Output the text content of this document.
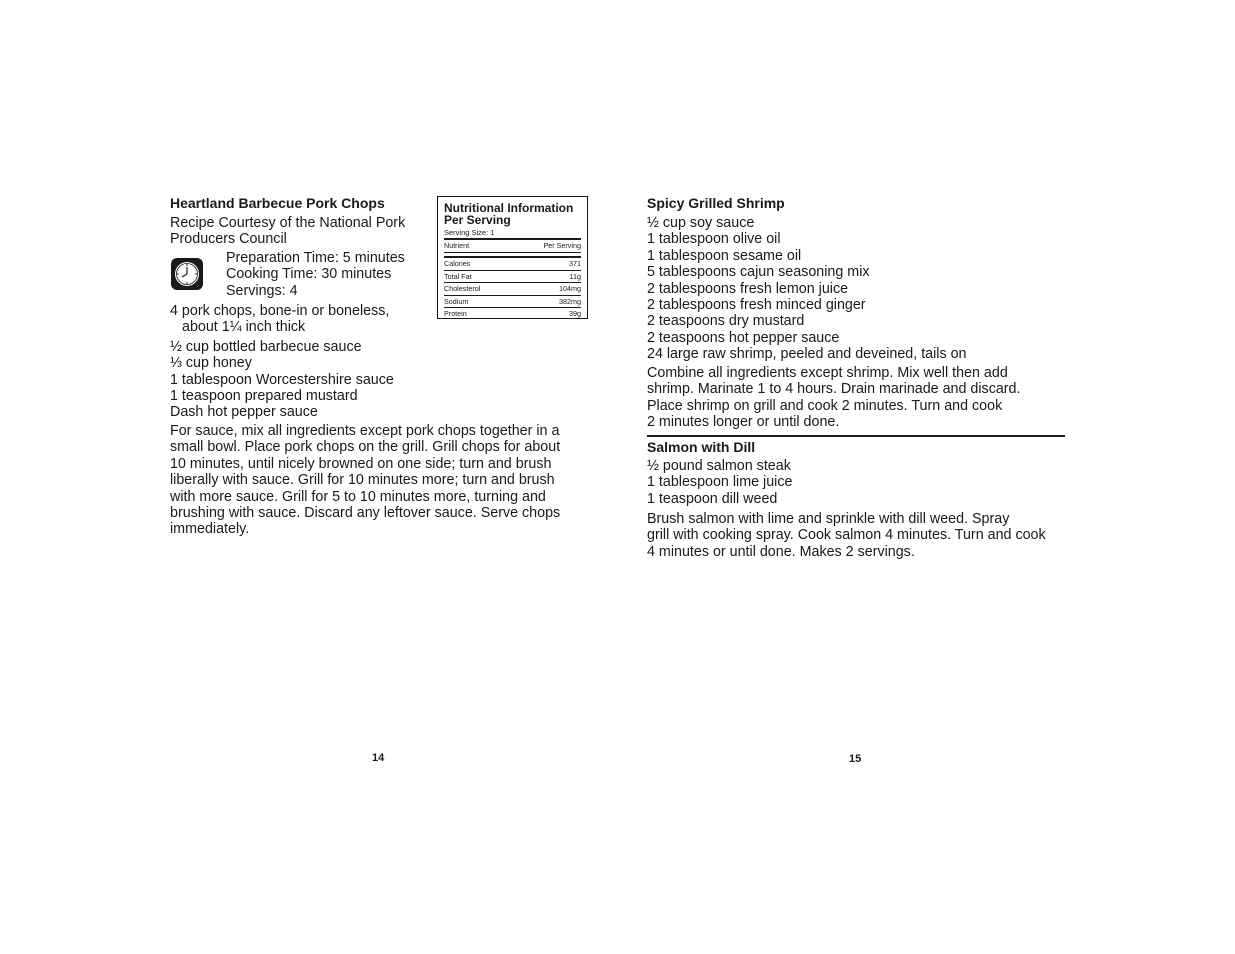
Heartland Barbecue Pork Chops
Recipe Courtesy of the National Pork
Producers Council
Preparation Time: 5 minutes
Cooking Time: 30 minutes
Servings: 4
4 pork chops, bone-in or boneless,
about 1¼ inch thick
½ cup bottled barbecue sauce
⅓ cup honey
1 tablespoon Worcestershire sauce
1 teaspoon prepared mustard
Dash hot pepper sauce
For sauce, mix all ingredients except pork chops together in a
small bowl. Place pork chops on the grill. Grill chops for about
10 minutes, until nicely browned on one side; turn and brush
liberally with sauce. Grill for 10 minutes more; turn and brush
with more sauce. Grill for 5 to 10 minutes more, turning and
brushing with sauce. Discard any leftover sauce. Serve chops
immediately.
Nutritional Information
Per Serving
Serving Size: 1
Nutrient	Per Serving
Calories	371
Total Fat	11g
Cholesterol	104mg
Sodium	382mg
Protein	39g
14
Spicy Grilled Shrimp
½ cup soy sauce
1 tablespoon olive oil
1 tablespoon sesame oil
5 tablespoons cajun seasoning mix
2 tablespoons fresh lemon juice
2 tablespoons fresh minced ginger
2 teaspoons dry mustard
2 teaspoons hot pepper sauce
24 large raw shrimp, peeled and deveined, tails on
Combine all ingredients except shrimp. Mix well then add
shrimp. Marinate 1 to 4 hours. Drain marinade and discard.
Place shrimp on grill and cook 2 minutes. Turn and cook
2 minutes longer or until done.
Salmon with Dill
½ pound salmon steak
1 tablespoon lime juice
1 teaspoon dill weed
Brush salmon with lime and sprinkle with dill weed. Spray
grill with cooking spray. Cook salmon 4 minutes. Turn and cook
4 minutes or until done. Makes 2 servings.
15
